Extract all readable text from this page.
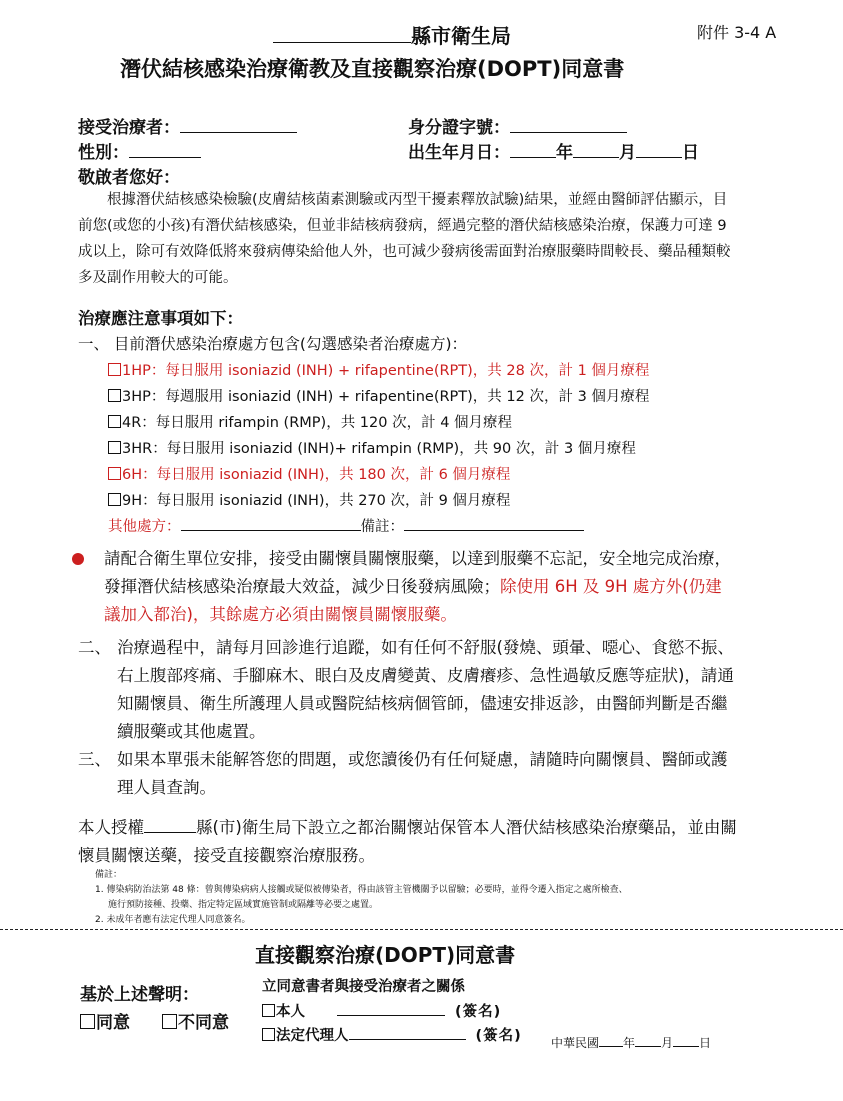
縣市衛生局	附件 3-4 A
潛伏結核感染治療衛教及直接觀察治療(DOPT)同意書
接受治療者：	身分證字號：
性別：	出生年月日：	年	月	日
敬啟者您好：
根據潛伏結核感染檢驗(皮膚結核菌素測驗或丙型干擾素釋放試驗)結果，並經由醫師評估顯示，目前您(或您的小孩)有潛伏結核感染，但並非結核病發病，經過完整的潛伏結核感染治療，保護力可達 9 成以上，除可有效降低將來發病傳染給他人外，也可減少發病後需面對治療服藥時間較長、藥品種類較多及副作用較大的可能。
治療應注意事項如下：
一、 目前潛伏感染治療處方包含(勾選感染者治療處方)：
1HP：每日服用 isoniazid (INH) + rifapentine(RPT)，共 28 次，計 1 個月療程
3HP：每週服用 isoniazid (INH) + rifapentine(RPT)，共 12 次，計 3 個月療程
4R：每日服用 rifampin (RMP)，共 120 次，計 4 個月療程
3HR：每日服用 isoniazid (INH)+ rifampin (RMP)，共 90 次，計 3 個月療程
6H：每日服用 isoniazid (INH)，共 180 次，計 6 個月療程
9H：每日服用 isoniazid (INH)，共 270 次，計 9 個月療程
其他處方：	備註：
請配合衛生單位安排，接受由關懷員關懷服藥，以達到服藥不忘記，安全地完成治療，發揮潛伏結核感染治療最大效益，減少日後發病風險；除使用 6H 及 9H 處方外(仍建議加入都治)，其餘處方必須由關懷員關懷服藥。
二、 治療過程中，請每月回診進行追蹤，如有任何不舒服(發燒、頭暈、噁心、食慾不振、右上腹部疼痛、手腳麻木、眼白及皮膚變黃、皮膚癢疹、急性過敏反應等症狀)，請通知關懷員、衛生所護理人員或醫院結核病個管師，儘速安排返診，由醫師判斷是否繼續服藥或其他處置。
三、 如果本單張未能解答您的問題，或您讀後仍有任何疑慮，請隨時向關懷員、醫師或護理人員查詢。
本人授權	縣(市)衛生局下設立之都治關懷站保管本人潛伏結核感染治療藥品，並由關懷員關懷送藥，接受直接觀察治療服務。
備註：
1. 傳染病防治法第 48 條：曾與傳染病病人接觸或疑似被傳染者，得由該管主管機關予以留驗；必要時，並得令遷入指定之處所檢查、
施行預防接種、投藥、指定特定區域實施管制或隔離等必要之處置。
2. 未成年者應有法定代理人同意簽名。
直接觀察治療(DOPT)同意書
基於上述聲明：
同意	不同意
立同意書者與接受治療者之關係
本人	(簽名)
法定代理人	(簽名) 中華民國 年 月 日
